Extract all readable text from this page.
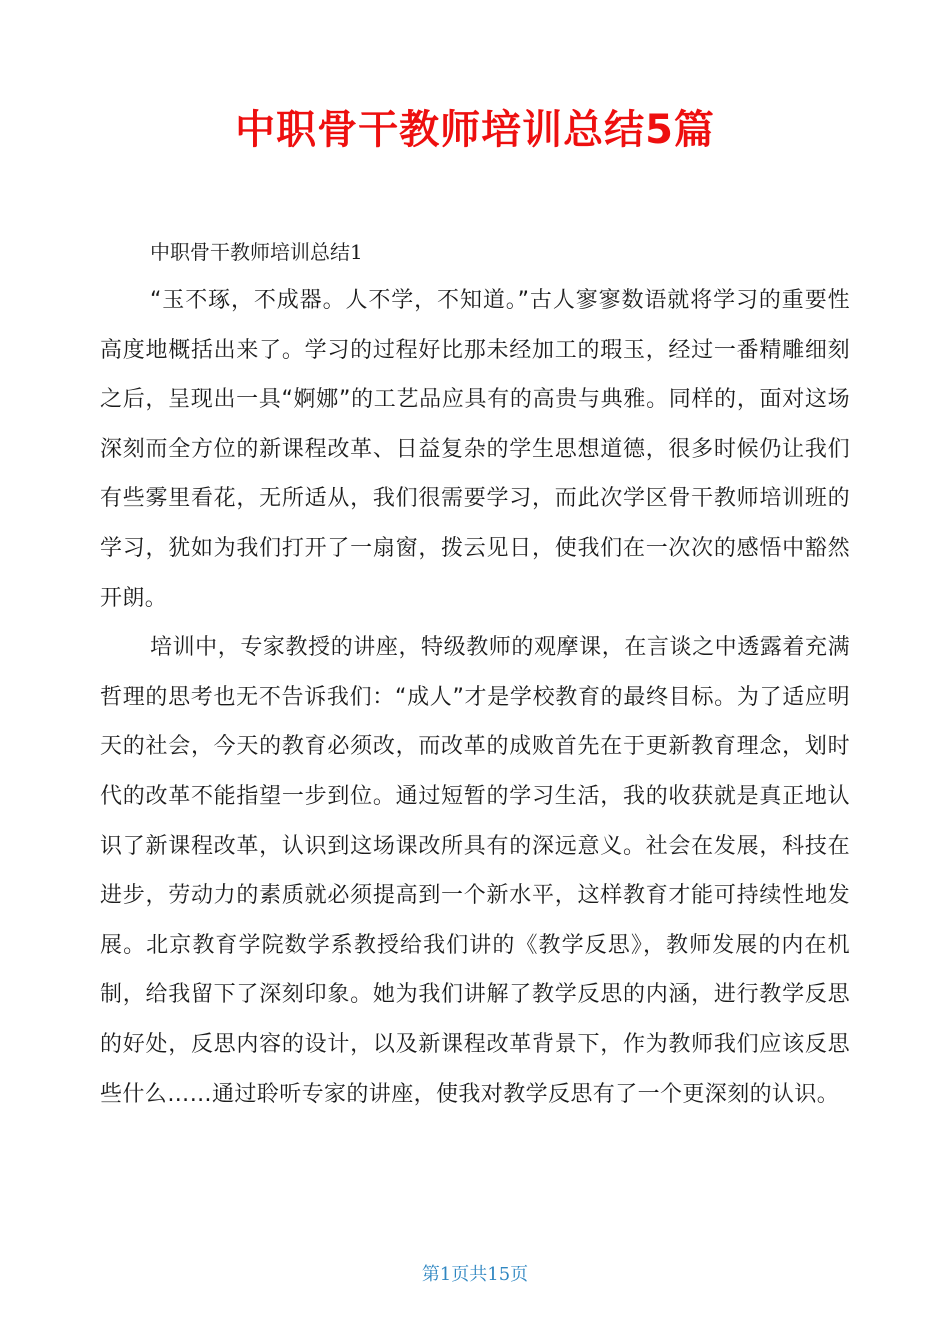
中职骨干教师培训总结5篇

中职骨干教师培训总结1

“玉不琢，不成器。人不学，不知道。”古人寥寥数语就将学习的重要性高度地概括出来了。学习的过程好比那未经加工的瑕玉，经过一番精雕细刻之后，呈现出一具“婀娜”的工艺品应具有的高贵与典雅。同样的，面对这场深刻而全方位的新课程改革、日益复杂的学生思想道德，很多时候仍让我们有些雾里看花，无所适从，我们很需要学习，而此次学区骨干教师培训班的学习，犹如为我们打开了一扇窗，拨云见日，使我们在一次次的感悟中豁然开朗。

培训中，专家教授的讲座，特级教师的观摩课，在言谈之中透露着充满哲理的思考也无不告诉我们：“成人”才是学校教育的最终目标。为了适应明天的社会，今天的教育必须改，而改革的成败首先在于更新教育理念，划时代的改革不能指望一步到位。通过短暂的学习生活，我的收获就是真正地认识了新课程改革，认识到这场课改所具有的深远意义。社会在发展，科技在进步，劳动力的素质就必须提高到一个新水平，这样教育才能可持续性地发展。北京教育学院数学系教授给我们讲的《教学反思》，教师发展的内在机制，给我留下了深刻印象。她为我们讲解了教学反思的内涵，进行教学反思的好处，反思内容的设计，以及新课程改革背景下，作为教师我们应该反思些什么……通过聆听专家的讲座，使我对教学反思有了一个更深刻的认识。

第1页共15页
